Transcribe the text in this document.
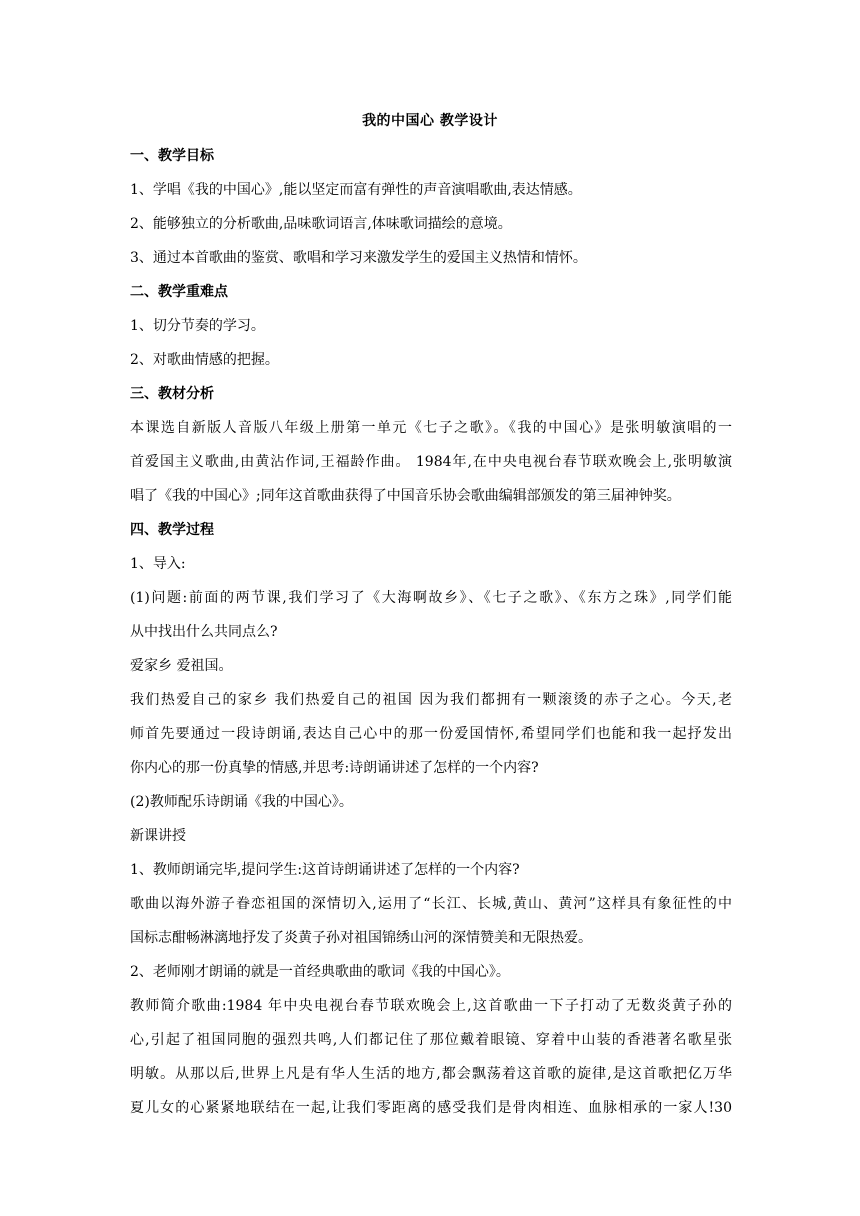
我的中国心 教学设计
一、教学目标
1、学唱《我的中国心》,能以坚定而富有弹性的声音演唱歌曲,表达情感。
2、能够独立的分析歌曲,品味歌词语言,体味歌词描绘的意境。
3、通过本首歌曲的鉴赏、歌唱和学习来激发学生的爱国主义热情和情怀。
二、教学重难点
1、切分节奏的学习。
2、对歌曲情感的把握。
三、教材分析
本课选自新版人音版八年级上册第一单元《七子之歌》。《我的中国心》是张明敏演唱的一
首爱国主义歌曲,由黄沾作词,王福龄作曲。 1984年,在中央电视台春节联欢晚会上,张明敏演
唱了《我的中国心》;同年这首歌曲获得了中国音乐协会歌曲编辑部颁发的第三届神钟奖。
四、教学过程
1、导入:
(1)问题:前面的两节课,我们学习了《大海啊故乡》、《七子之歌》、《东方之珠》,同学们能
从中找出什么共同点么?
爱家乡 爱祖国。
我们热爱自己的家乡 我们热爱自己的祖国 因为我们都拥有一颗滚烫的赤子之心。今天,老
师首先要通过一段诗朗诵,表达自己心中的那一份爱国情怀,希望同学们也能和我一起抒发出
你内心的那一份真挚的情感,并思考:诗朗诵讲述了怎样的一个内容?
(2)教师配乐诗朗诵《我的中国心》。
新课讲授
1、教师朗诵完毕,提问学生:这首诗朗诵讲述了怎样的一个内容?
歌曲以海外游子眷恋祖国的深情切入,运用了“长江、长城,黄山、黄河”这样具有象征性的中
国标志酣畅淋漓地抒发了炎黄子孙对祖国锦绣山河的深情赞美和无限热爱。
2、老师刚才朗诵的就是一首经典歌曲的歌词《我的中国心》。
教师简介歌曲:1984 年中央电视台春节联欢晚会上,这首歌曲一下子打动了无数炎黄子孙的
心,引起了祖国同胞的强烈共鸣,人们都记住了那位戴着眼镜、穿着中山装的香港著名歌星张
明敏。从那以后,世界上凡是有华人生活的地方,都会飘荡着这首歌的旋律,是这首歌把亿万华
夏儿女的心紧紧地联结在一起,让我们零距离的感受我们是骨肉相连、血脉相承的一家人!30
